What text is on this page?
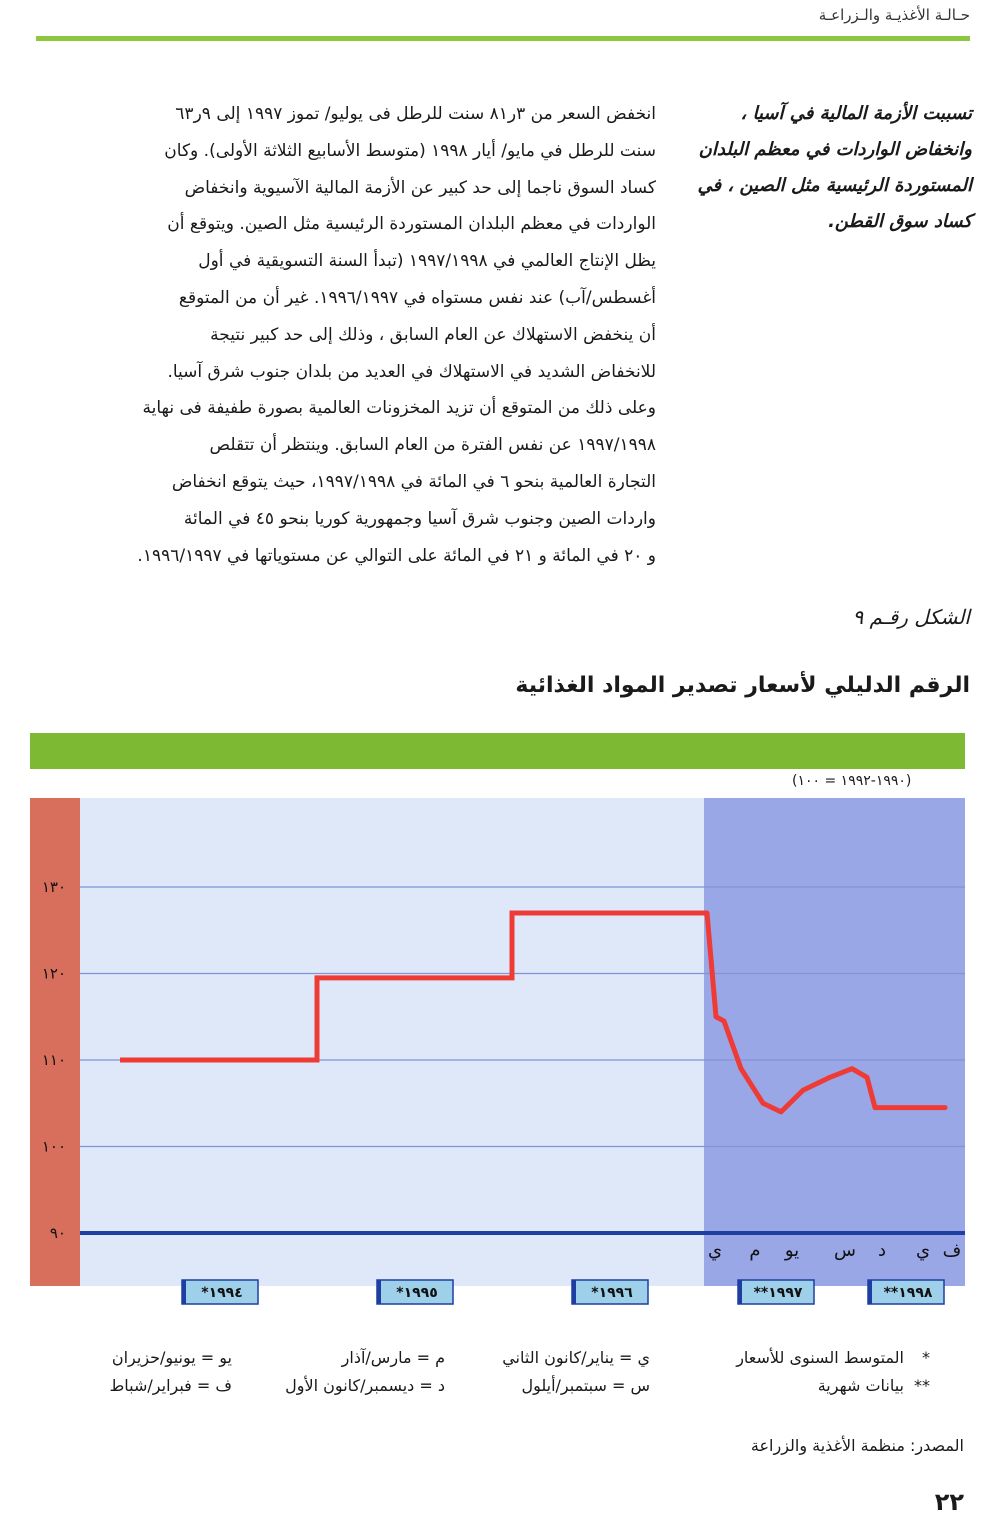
حـالـة الأغذيـة والـزراعـة
تسببت الأزمة المالية في آسيا ، وانخفاض الواردات في معظم البلدان المستوردة الرئيسية مثل الصين ، في كساد سوق القطن.
انخفض السعر من ٣ر٨١ سنت للرطل فى يوليو/ تموز ١٩٩٧ إلى ٩ر٦٣
سنت للرطل في مايو/ أيار ١٩٩٨ (متوسط الأسابيع الثلاثة الأولى). وكان
كساد السوق ناجما إلى حد كبير عن الأزمة المالية الآسيوية وانخفاض
الواردات في معظم البلدان المستوردة الرئيسية مثل الصين. ويتوقع أن
يظل الإنتاج العالمي في ١٩٩٧/١٩٩٨ (تبدأ السنة التسويقية في أول
أغسطس/آب) عند نفس مستواه في ١٩٩٦/١٩٩٧. غير أن من المتوقع
أن ينخفض الاستهلاك عن العام السابق ، وذلك إلى حد كبير نتيجة
للانخفاض الشديد في الاستهلاك في العديد من بلدان جنوب شرق آسيا.
وعلى ذلك من المتوقع أن تزيد المخزونات العالمية بصورة طفيفة فى نهاية
١٩٩٧/١٩٩٨ عن نفس الفترة من العام السابق. وينتظر أن تتقلص
التجارة العالمية بنحو ٦ في المائة في ١٩٩٧/١٩٩٨، حيث يتوقع انخفاض
واردات الصين وجنوب شرق آسيا وجمهورية كوريا بنحو ٤٥ في المائة
و ٢٠ في المائة و ٢١ في المائة على التوالي عن مستوياتها في ١٩٩٦/١٩٩٧.
الشكل رقـم ٩
الرقم الدليلي لأسعار تصدير المواد الغذائية
(١٩٩٠-١٩٩٢ = ١٠٠)
٩٠
١٠٠
١١٠
١٢٠
١٣٠
ي م يو س د ي ف
*١٩٩٤	*١٩٩٥	*١٩٩٦	**١٩٩٧	**١٩٩٨
*المتوسط السنوى للأسعار
**بيانات شهرية
ي = يناير/كانون الثاني
م = مارس/آذار
يو = يونيو/حزيران
س = سبتمبر/أيلول
د = ديسمبر/كانون الأول
ف = فبراير/شباط
المصدر: منظمة الأغذية والزراعة
٢٢
